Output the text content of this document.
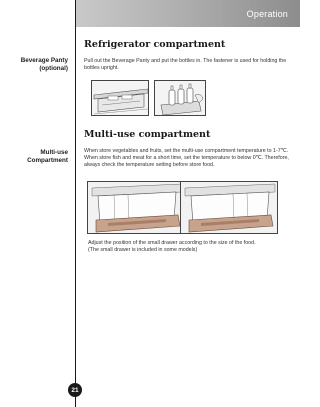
Operation
Beverage Panty
(optional)
Refrigerator compartment
Pull out the Beverage Panty and put the bottles in. The fastener is used for holding the bottles upright.
Multi-use
Compartment
Multi-use compartment
When store vegetables and fruits, set the multi-use compartment temperature to 1-7℃. When store fish and meat for a short time, set the temperature to below 0℃. Therefore, always check the temperature setting before store food.
Adjust the position of the small drawer according to the size of the food.
(The small drawer is included in some models)
21
